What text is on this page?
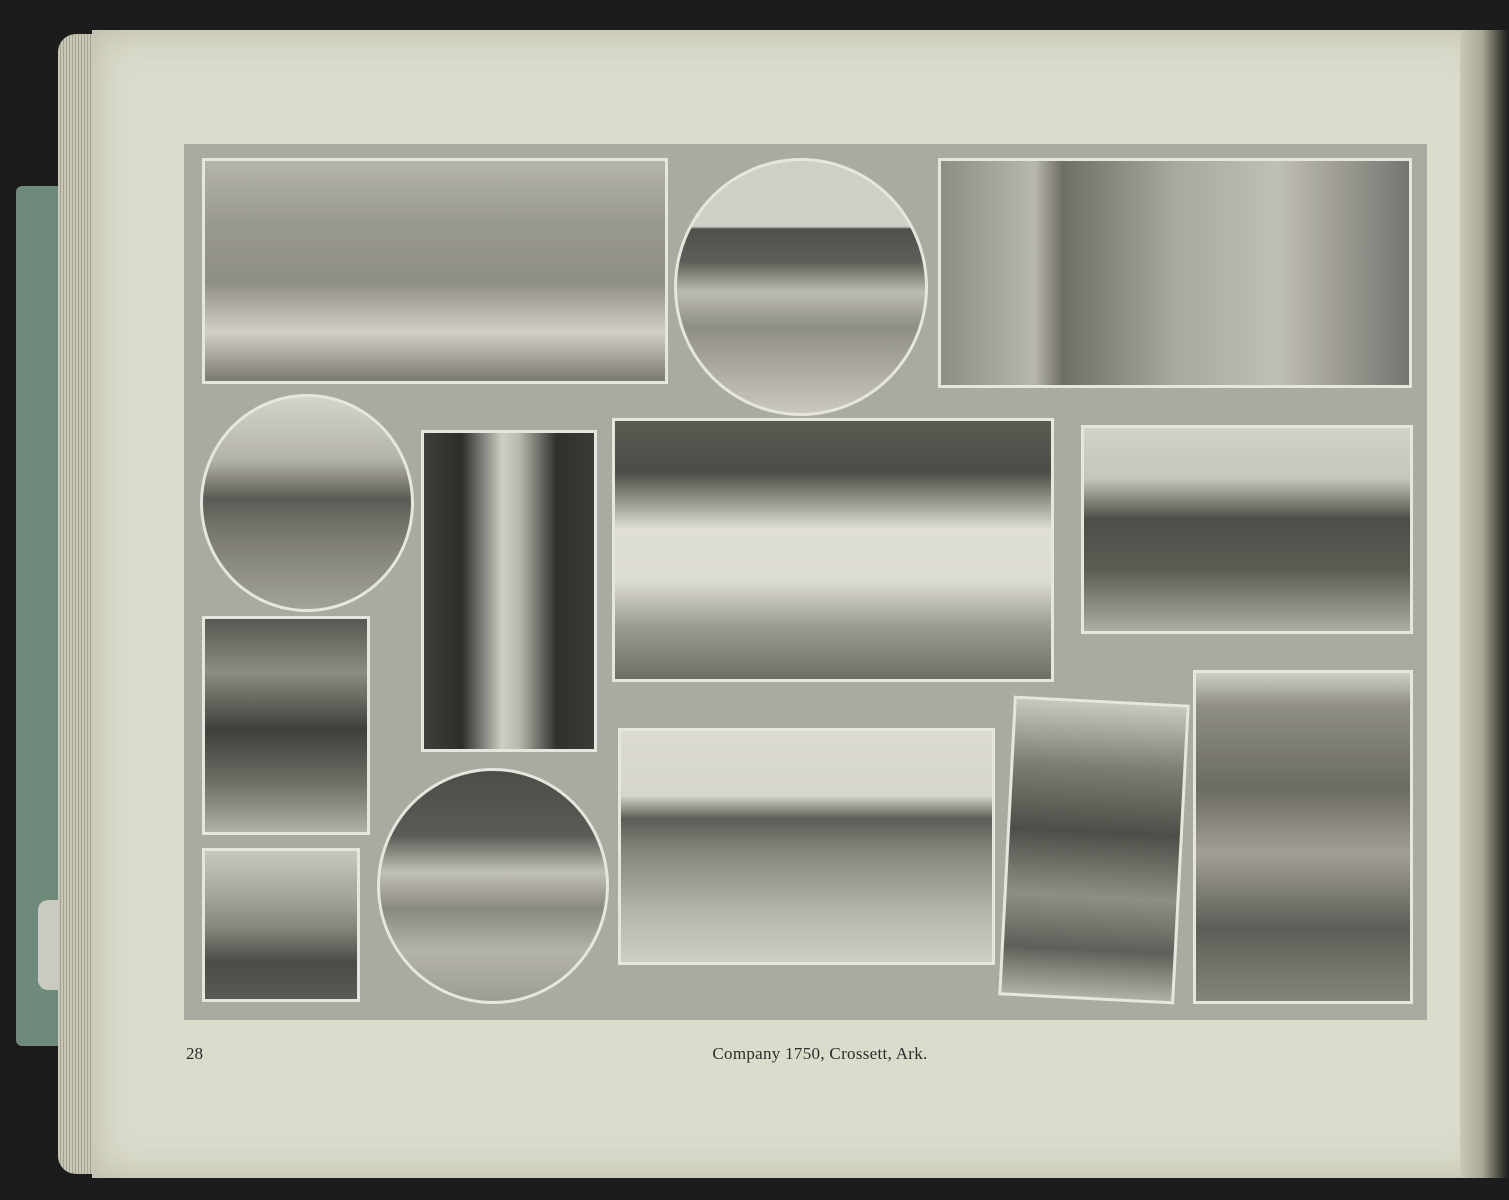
28	Company 1750, Crossett, Ark.
